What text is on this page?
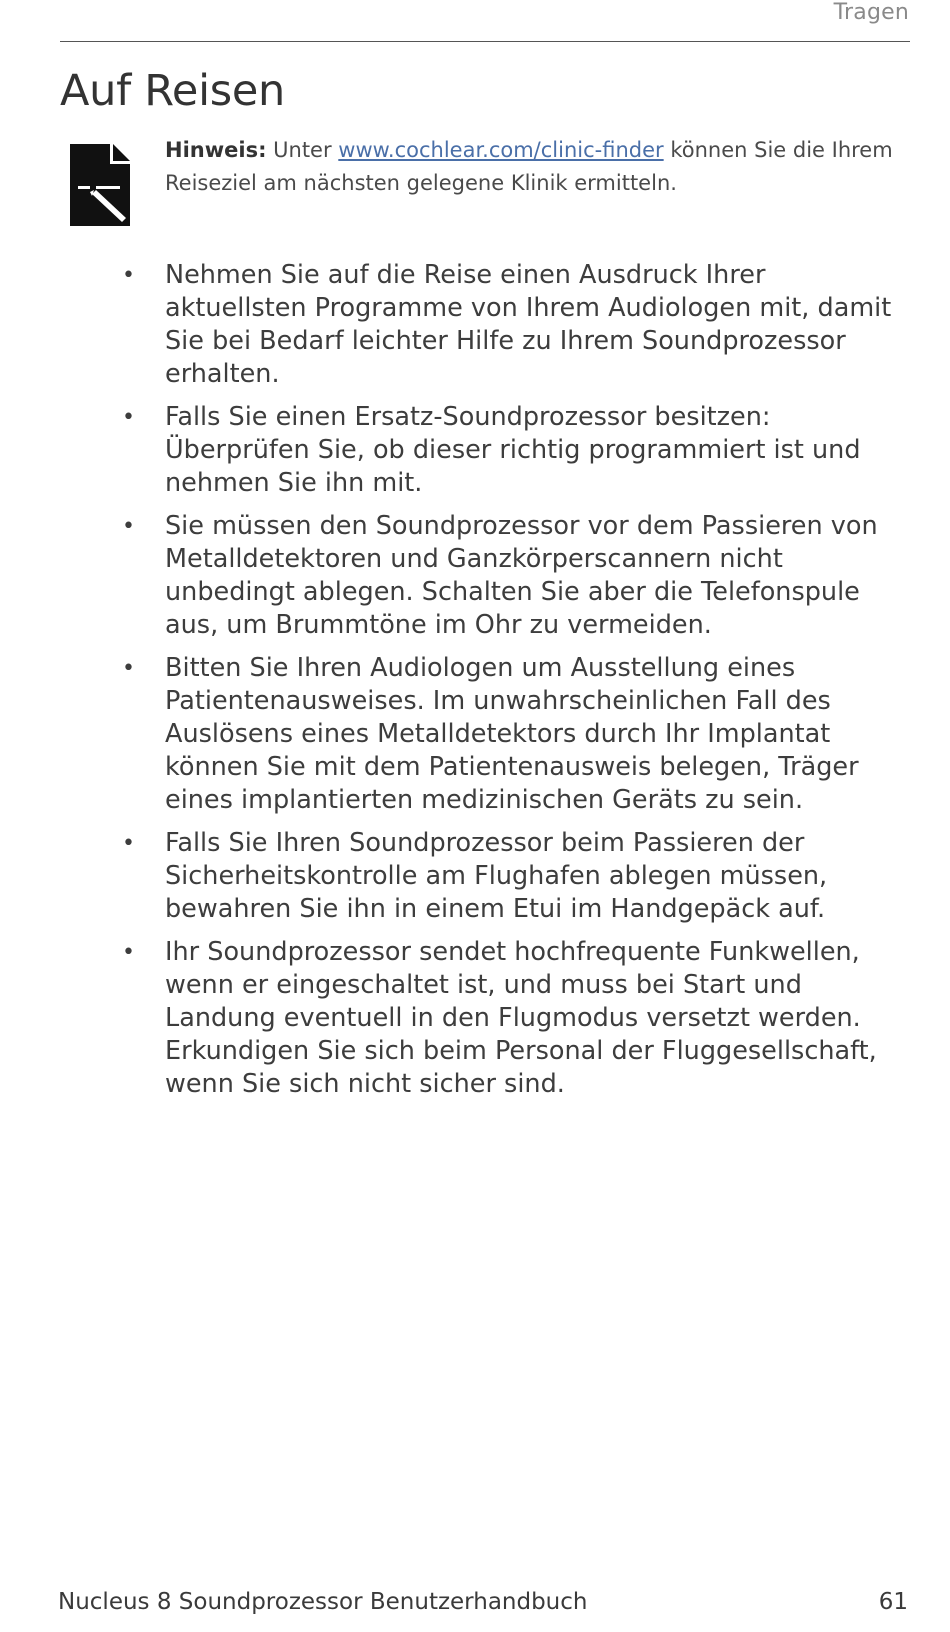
Tragen
Auf Reisen
Hinweis: Unter www.cochlear.com/clinic-finder können Sie die Ihrem Reiseziel am nächsten gelegene Klinik ermitteln.
• Nehmen Sie auf die Reise einen Ausdruck Ihrer aktuellsten Programme von Ihrem Audiologen mit, damit Sie bei Bedarf leichter Hilfe zu Ihrem Soundprozessor erhalten.
• Falls Sie einen Ersatz-Soundprozessor besitzen: Überprüfen Sie, ob dieser richtig programmiert ist und nehmen Sie ihn mit.
• Sie müssen den Soundprozessor vor dem Passieren von Metalldetektoren und Ganzkörperscannern nicht unbedingt ablegen. Schalten Sie aber die Telefonspule aus, um Brummtöne im Ohr zu vermeiden.
• Bitten Sie Ihren Audiologen um Ausstellung eines Patientenausweises. Im unwahrscheinlichen Fall des Auslösens eines Metalldetektors durch Ihr Implantat können Sie mit dem Patientenausweis belegen, Träger eines implantierten medizinischen Geräts zu sein.
• Falls Sie Ihren Soundprozessor beim Passieren der Sicherheitskontrolle am Flughafen ablegen müssen, bewahren Sie ihn in einem Etui im Handgepäck auf.
• Ihr Soundprozessor sendet hochfrequente Funkwellen, wenn er eingeschaltet ist, und muss bei Start und Landung eventuell in den Flugmodus versetzt werden. Erkundigen Sie sich beim Personal der Fluggesellschaft, wenn Sie sich nicht sicher sind.
Nucleus 8 Soundprozessor Benutzerhandbuch	61
